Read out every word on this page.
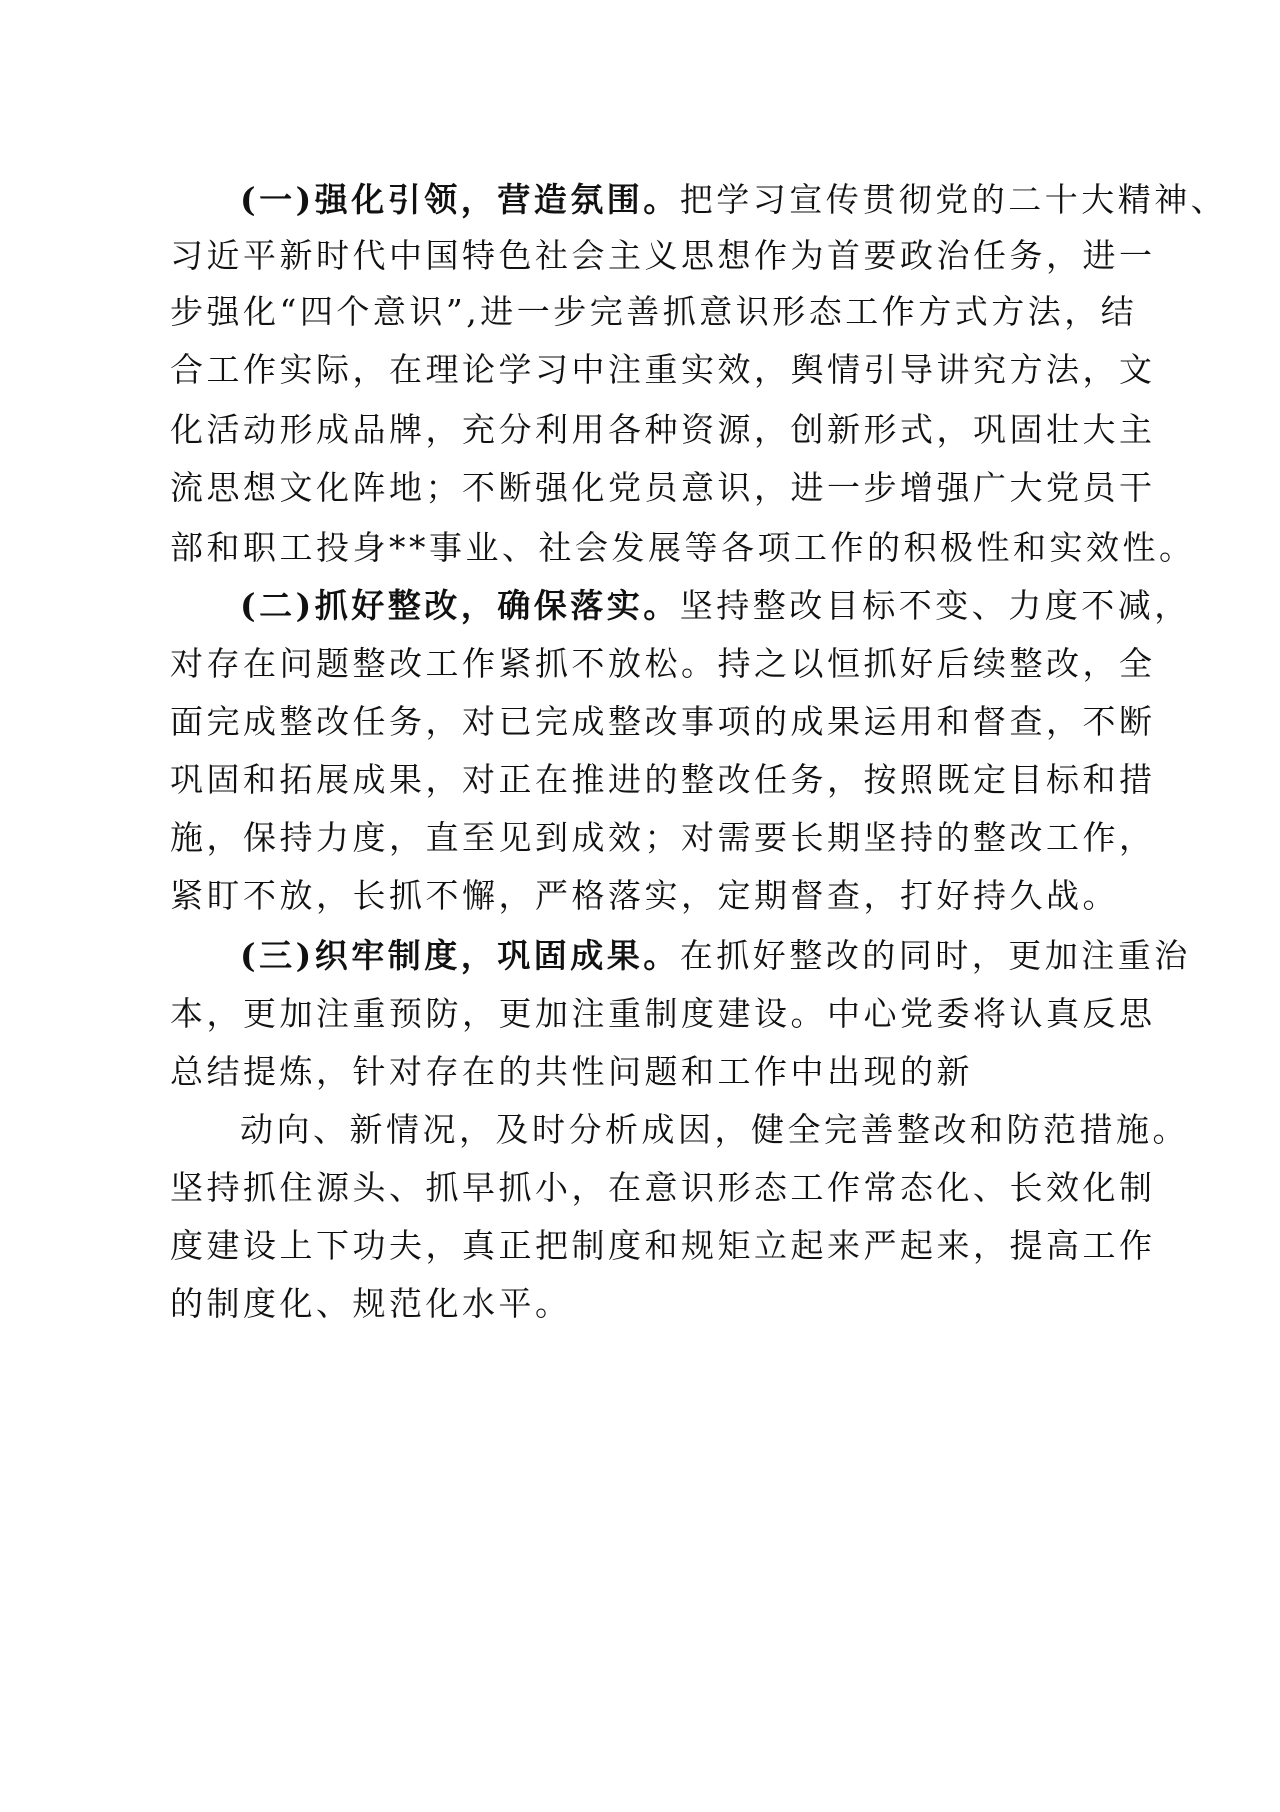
(一)强化引领，营造氛围。把学习宣传贯彻党的二十大精神、
习近平新时代中国特色社会主义思想作为首要政治任务，进一
步强化“四个意识”,进一步完善抓意识形态工作方式方法，结
合工作实际，在理论学习中注重实效，舆情引导讲究方法，文
化活动形成品牌，充分利用各种资源，创新形式，巩固壮大主
流思想文化阵地；不断强化党员意识，进一步增强广大党员干
部和职工投身**事业、社会发展等各项工作的积极性和实效性。
(二)抓好整改，确保落实。坚持整改目标不变、力度不减，
对存在问题整改工作紧抓不放松。持之以恒抓好后续整改，全
面完成整改任务，对已完成整改事项的成果运用和督查，不断
巩固和拓展成果，对正在推进的整改任务，按照既定目标和措
施，保持力度，直至见到成效；对需要长期坚持的整改工作，
紧盯不放，长抓不懈，严格落实，定期督查，打好持久战。
(三)织牢制度，巩固成果。在抓好整改的同时，更加注重治
本，更加注重预防，更加注重制度建设。中心党委将认真反思
总结提炼，针对存在的共性问题和工作中出现的新
动向、新情况，及时分析成因，健全完善整改和防范措施。
坚持抓住源头、抓早抓小，在意识形态工作常态化、长效化制
度建设上下功夫，真正把制度和规矩立起来严起来，提高工作
的制度化、规范化水平。
